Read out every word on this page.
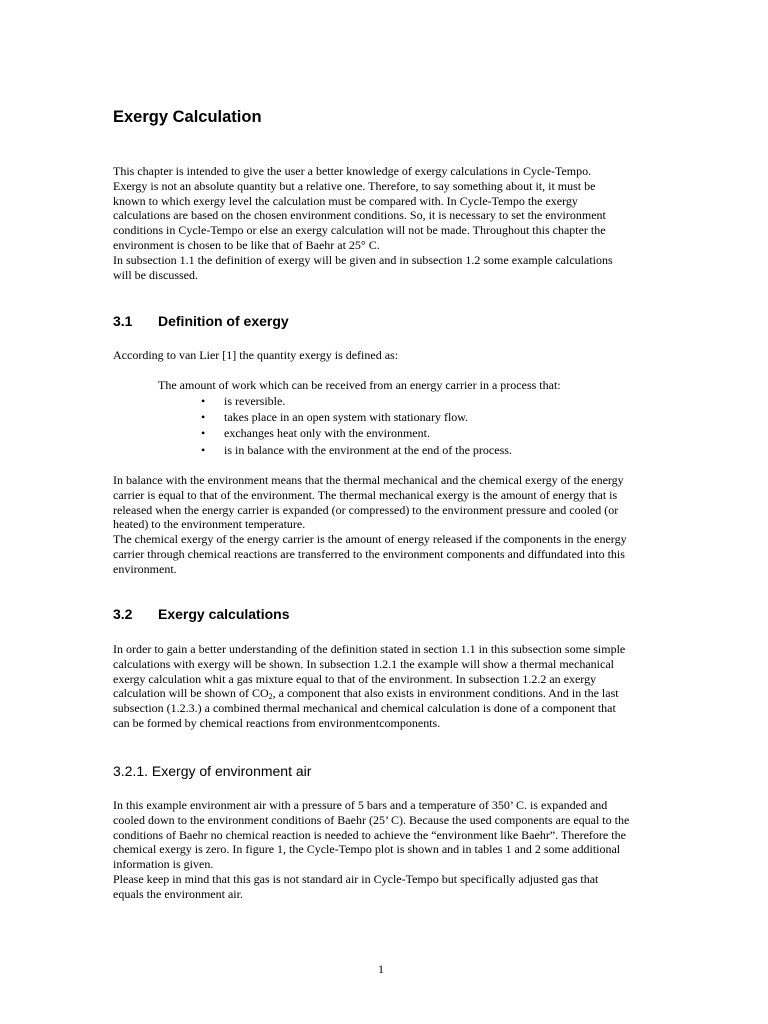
Exergy Calculation
This chapter is intended to give the user a better knowledge of exergy calculations in Cycle-Tempo.
Exergy is not an absolute quantity but a relative one. Therefore, to say something about it, it must be
known to which exergy level the calculation must be compared with. In Cycle-Tempo the exergy
calculations are based on the chosen environment conditions. So, it is necessary to set the environment
conditions in Cycle-Tempo or else an exergy calculation will not be made. Throughout this chapter the
environment is chosen to be like that of Baehr at 25° C.
In subsection 1.1 the definition of exergy will be given and in subsection 1.2 some example calculations
will be discussed.
3.1 Definition of exergy
According to van Lier [1] the quantity exergy is defined as:
The amount of work which can be received from an energy carrier in a process that:
• is reversible.
• takes place in an open system with stationary flow.
• exchanges heat only with the environment.
• is in balance with the environment at the end of the process.
In balance with the environment means that the thermal mechanical and the chemical exergy of the energy
carrier is equal to that of the environment. The thermal mechanical exergy is the amount of energy that is
released when the energy carrier is expanded (or compressed) to the environment pressure and cooled (or
heated) to the environment temperature.
The chemical exergy of the energy carrier is the amount of energy released if the components in the energy
carrier through chemical reactions are transferred to the environment components and diffundated into this
environment.
3.2 Exergy calculations
In order to gain a better understanding of the definition stated in section 1.1 in this subsection some simple
calculations with exergy will be shown. In subsection 1.2.1 the example will show a thermal mechanical
exergy calculation whit a gas mixture equal to that of the environment. In subsection 1.2.2 an exergy
calculation will be shown of $CO_2$, a component that also exists in environment conditions. And in the last
subsection (1.2.3.) a combined thermal mechanical and chemical calculation is done of a component that
can be formed by chemical reactions from environmentcomponents.
3.2.1. Exergy of environment air
In this example environment air with a pressure of 5 bars and a temperature of 350’ C. is expanded and
cooled down to the environment conditions of Baehr (25’ C). Because the used components are equal to the
conditions of Baehr no chemical reaction is needed to achieve the “environment like Baehr”. Therefore the
chemical exergy is zero. In figure 1, the Cycle-Tempo plot is shown and in tables 1 and 2 some additional
information is given.
Please keep in mind that this gas is not standard air in Cycle-Tempo but specifically adjusted gas that
equals the environment air.
1
